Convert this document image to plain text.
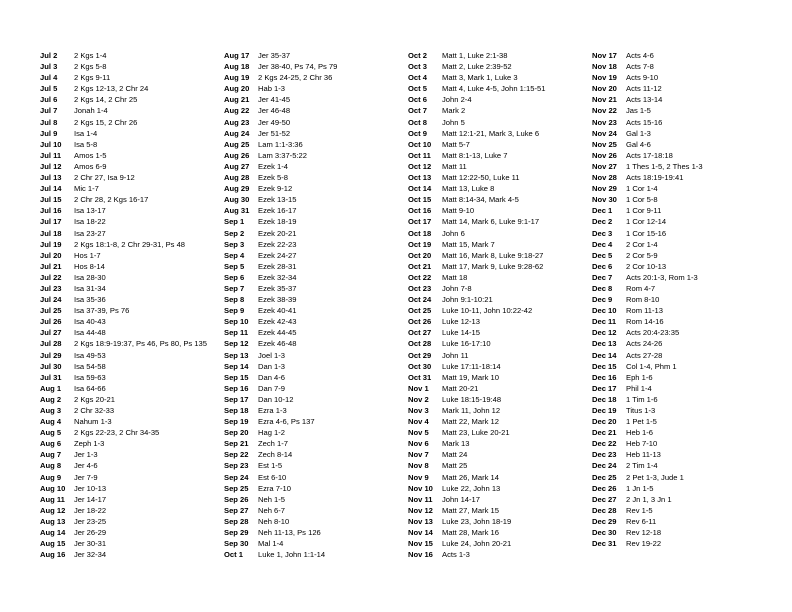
Jul 2	2 Kgs 1-4
Jul 3	2 Kgs 5-8
Jul 4	2 Kgs 9-11
Jul 5	2 Kgs 12-13, 2 Chr 24
Jul 6	2 Kgs 14, 2 Chr 25
Jul 7	Jonah 1-4
Jul 8	2 Kgs 15, 2 Chr 26
Jul 9	Isa 1-4
Jul 10	Isa 5-8
Jul 11	Amos 1-5
Jul 12	Amos 6-9
Jul 13	2 Chr 27, Isa 9-12
Jul 14	Mic 1-7
Jul 15	2 Chr 28, 2 Kgs 16-17
Jul 16	Isa 13-17
Jul 17	Isa 18-22
Jul 18	Isa 23-27
Jul 19	2 Kgs 18:1-8, 2 Chr 29-31, Ps 48
Jul 20	Hos 1-7
Jul 21	Hos 8-14
Jul 22	Isa 28-30
Jul 23	Isa 31-34
Jul 24	Isa 35-36
Jul 25	Isa 37-39, Ps 76
Jul 26	Isa 40-43
Jul 27	Isa 44-48
Jul 28	2 Kgs 18:9-19:37, Ps 46, Ps 80, Ps 135
Jul 29	Isa 49-53
Jul 30	Isa 54-58
Jul 31	Isa 59-63
Aug 1	Isa 64-66
Aug 2	2 Kgs 20-21
Aug 3	2 Chr 32-33
Aug 4	Nahum 1-3
Aug 5	2 Kgs 22-23, 2 Chr 34-35
Aug 6	Zeph 1-3
Aug 7	Jer 1-3
Aug 8	Jer 4-6
Aug 9	Jer 7-9
Aug 10	Jer 10-13
Aug 11	Jer 14-17
Aug 12	Jer 18-22
Aug 13	Jer 23-25
Aug 14	Jer 26-29
Aug 15	Jer 30-31
Aug 16	Jer 32-34
Aug 17	Jer 35-37
Aug 18	Jer 38-40, Ps 74, Ps 79
Aug 19	2 Kgs 24-25, 2 Chr 36
Aug 20	Hab 1-3
Aug 21	Jer 41-45
Aug 22	Jer 46-48
Aug 23	Jer 49-50
Aug 24	Jer 51-52
Aug 25	Lam 1:1-3:36
Aug 26	Lam 3:37-5:22
Aug 27	Ezek 1-4
Aug 28	Ezek 5-8
Aug 29	Ezek 9-12
Aug 30	Ezek 13-15
Aug 31	Ezek 16-17
Sep 1	Ezek 18-19
Sep 2	Ezek 20-21
Sep 3	Ezek 22-23
Sep 4	Ezek 24-27
Sep 5	Ezek 28-31
Sep 6	Ezek 32-34
Sep 7	Ezek 35-37
Sep 8	Ezek 38-39
Sep 9	Ezek 40-41
Sep 10	Ezek 42-43
Sep 11	Ezek 44-45
Sep 12	Ezek 46-48
Sep 13	Joel 1-3
Sep 14	Dan 1-3
Sep 15	Dan 4-6
Sep 16	Dan 7-9
Sep 17	Dan 10-12
Sep 18	Ezra 1-3
Sep 19	Ezra 4-6, Ps 137
Sep 20	Hag 1-2
Sep 21	Zech 1-7
Sep 22	Zech 8-14
Sep 23	Est 1-5
Sep 24	Est 6-10
Sep 25	Ezra 7-10
Sep 26	Neh 1-5
Sep 27	Neh 6-7
Sep 28	Neh 8-10
Sep 29	Neh 11-13, Ps 126
Sep 30	Mal 1-4
Oct 1	Luke 1, John 1:1-14
Oct 2	Matt 1, Luke 2:1-38
Oct 3	Matt 2, Luke 2:39-52
Oct 4	Matt 3, Mark 1, Luke 3
Oct 5	Matt 4, Luke 4-5, John 1:15-51
Oct 6	John 2-4
Oct 7	Mark 2
Oct 8	John 5
Oct 9	Matt 12:1-21, Mark 3, Luke 6
Oct 10	Matt 5-7
Oct 11	Matt 8:1-13, Luke 7
Oct 12	Matt 11
Oct 13	Matt 12:22-50, Luke 11
Oct 14	Matt 13, Luke 8
Oct 15	Matt 8:14-34, Mark 4-5
Oct 16	Matt 9-10
Oct 17	Matt 14, Mark 6, Luke 9:1-17
Oct 18	John 6
Oct 19	Matt 15, Mark 7
Oct 20	Matt 16, Mark 8, Luke 9:18-27
Oct 21	Matt 17, Mark 9, Luke 9:28-62
Oct 22	Matt 18
Oct 23	John 7-8
Oct 24	John 9:1-10:21
Oct 25	Luke 10-11, John 10:22-42
Oct 26	Luke 12-13
Oct 27	Luke 14-15
Oct 28	Luke 16-17:10
Oct 29	John 11
Oct 30	Luke 17:11-18:14
Oct 31	Matt 19, Mark 10
Nov 1	Matt 20-21
Nov 2	Luke 18:15-19:48
Nov 3	Mark 11, John 12
Nov 4	Matt 22, Mark 12
Nov 5	Matt 23, Luke 20-21
Nov 6	Mark 13
Nov 7	Matt 24
Nov 8	Matt 25
Nov 9	Matt 26, Mark 14
Nov 10	Luke 22, John 13
Nov 11	John 14-17
Nov 12	Matt 27, Mark 15
Nov 13	Luke 23, John 18-19
Nov 14	Matt 28, Mark 16
Nov 15	Luke 24, John 20-21
Nov 16	Acts 1-3
Nov 17	Acts 4-6
Nov 18	Acts 7-8
Nov 19	Acts 9-10
Nov 20	Acts 11-12
Nov 21	Acts 13-14
Nov 22	Jas 1-5
Nov 23	Acts 15-16
Nov 24	Gal 1-3
Nov 25	Gal 4-6
Nov 26	Acts 17-18:18
Nov 27	1 Thes 1-5, 2 Thes 1-3
Nov 28	Acts 18:19-19:41
Nov 29	1 Cor 1-4
Nov 30	1 Cor 5-8
Dec 1	1 Cor 9-11
Dec 2	1 Cor 12-14
Dec 3	1 Cor 15-16
Dec 4	2 Cor 1-4
Dec 5	2 Cor 5-9
Dec 6	2 Cor 10-13
Dec 7	Acts 20:1-3, Rom 1-3
Dec 8	Rom 4-7
Dec 9	Rom 8-10
Dec 10	Rom 11-13
Dec 11	Rom 14-16
Dec 12	Acts 20:4-23:35
Dec 13	Acts 24-26
Dec 14	Acts 27-28
Dec 15	Col 1-4, Phm 1
Dec 16	Eph 1-6
Dec 17	Phil 1-4
Dec 18	1 Tim 1-6
Dec 19	Titus 1-3
Dec 20	1 Pet 1-5
Dec 21	Heb 1-6
Dec 22	Heb 7-10
Dec 23	Heb 11-13
Dec 24	2 Tim 1-4
Dec 25	2 Pet 1-3, Jude 1
Dec 26	1 Jn 1-5
Dec 27	2 Jn 1, 3 Jn 1
Dec 28	Rev 1-5
Dec 29	Rev 6-11
Dec 30	Rev 12-18
Dec 31	Rev 19-22
